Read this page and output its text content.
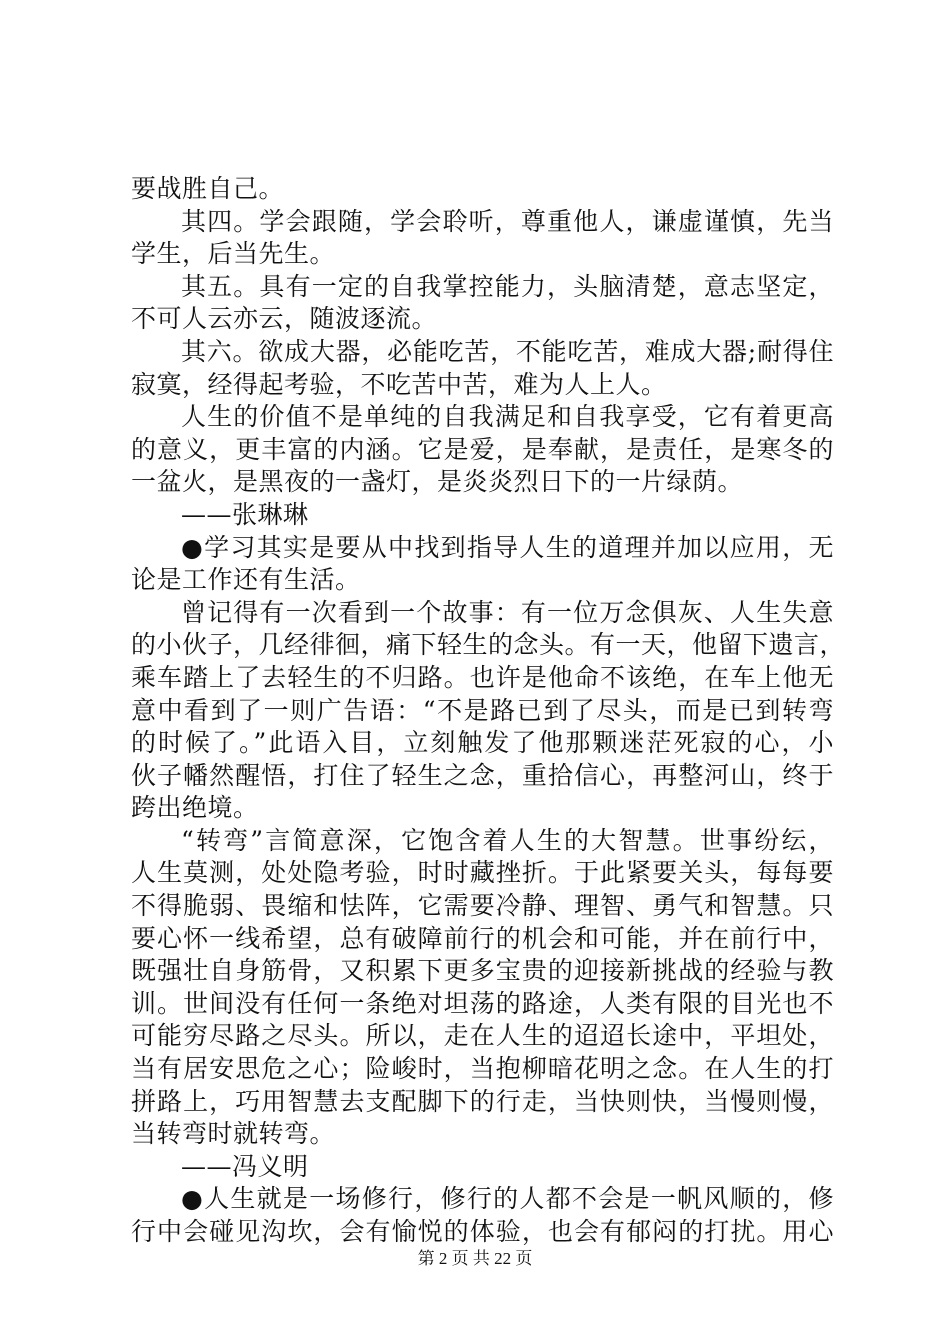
要战胜自己。
其四。学会跟随，学会聆听，尊重他人，谦虚谨慎，先当
学生，后当先生。
其五。具有一定的自我掌控能力，头脑清楚，意志坚定，
不可人云亦云，随波逐流。
其六。欲成大器，必能吃苦，不能吃苦，难成大器;耐得住
寂寞，经得起考验，不吃苦中苦，难为人上人。
人生的价值不是单纯的自我满足和自我享受，它有着更高
的意义，更丰富的内涵。它是爱，是奉献，是责任，是寒冬的
一盆火，是黑夜的一盏灯，是炎炎烈日下的一片绿荫。
——张琳琳
●学习其实是要从中找到指导人生的道理并加以应用，无
论是工作还有生活。
曾记得有一次看到一个故事：有一位万念俱灰、人生失意
的小伙子，几经徘徊，痛下轻生的念头。有一天，他留下遗言，
乘车踏上了去轻生的不归路。也许是他命不该绝，在车上他无
意中看到了一则广告语：“不是路已到了尽头，而是已到转弯
的时候了。”此语入目，立刻触发了他那颗迷茫死寂的心，小
伙子幡然醒悟，打住了轻生之念，重拾信心，再整河山，终于
跨出绝境。
“转弯”言简意深，它饱含着人生的大智慧。世事纷纭，
人生莫测，处处隐考验，时时藏挫折。于此紧要关头，每每要
不得脆弱、畏缩和怯阵，它需要冷静、理智、勇气和智慧。只
要心怀一线希望，总有破障前行的机会和可能，并在前行中，
既强壮自身筋骨，又积累下更多宝贵的迎接新挑战的经验与教
训。世间没有任何一条绝对坦荡的路途，人类有限的目光也不
可能穷尽路之尽头。所以，走在人生的迢迢长途中，平坦处，
当有居安思危之心；险峻时，当抱柳暗花明之念。在人生的打
拼路上，巧用智慧去支配脚下的行走，当快则快，当慢则慢，
当转弯时就转弯。
——冯义明
●人生就是一场修行，修行的人都不会是一帆风顺的，修
行中会碰见沟坎，会有愉悦的体验，也会有郁闷的打扰。用心
第 2 页 共 22 页
